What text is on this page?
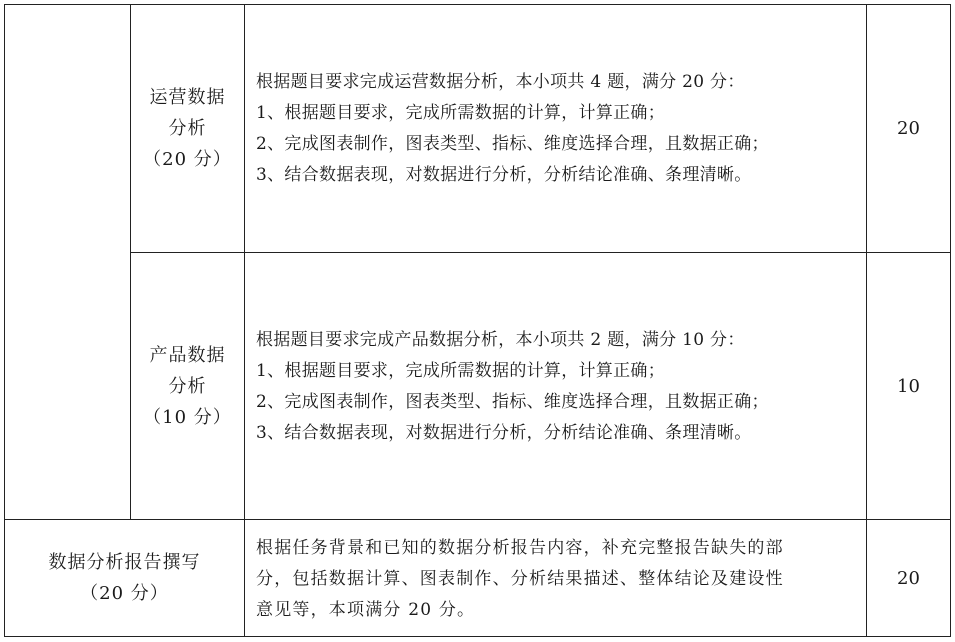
运营数据
分析
（20 分）
根据题目要求完成运营数据分析，本小项共 4 题，满分 20 分：
1、根据题目要求，完成所需数据的计算，计算正确；
2、完成图表制作，图表类型、指标、维度选择合理，且数据正确；
3、结合数据表现，对数据进行分析，分析结论准确、条理清晰。
20
产品数据
分析
（10 分）
根据题目要求完成产品数据分析，本小项共 2 题，满分 10 分：
1、根据题目要求，完成所需数据的计算，计算正确；
2、完成图表制作，图表类型、指标、维度选择合理，且数据正确；
3、结合数据表现，对数据进行分析，分析结论准确、条理清晰。
10
数据分析报告撰写
（20 分）
根据任务背景和已知的数据分析报告内容，补充完整报告缺失的部
分，包括数据计算、图表制作、分析结果描述、整体结论及建设性
意见等，本项满分 20 分。
20
